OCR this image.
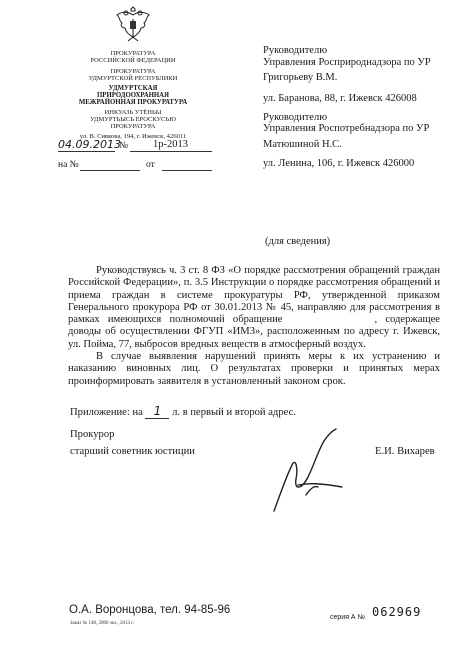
ПРОКУРАТУРА
РОССИЙСКОЙ ФЕДЕРАЦИИ
ПРОКУРАТУРА
УДМУРТСКОЙ РЕСПУБЛИКИ
УДМУРТСКАЯ
ПРИРОДООХРАННАЯ
МЕЖРАЙОННАЯ ПРОКУРАТУРА
ИНКУАЗЬ УТЁНЬЫ
УДМУРТЬЫСЬ ЕРОСКУСЬЮ
ПРОКУРАТУРА
ул. В. Сивкова, 194, г. Ижевск, 426011
04.09.2013
№ 1р-2013
на №	от
Руководителю
Управления Росприроднадзора по УР
Григорьеву В.М.
ул. Баранова, 88, г. Ижевск 426008
Руководителю
Управления Роспотребнадзора по УР
Матюшиной Н.С.
ул. Ленина, 106, г. Ижевск 426000
(для сведения)

Руководствуясь ч. 3 ст. 8 ФЗ «О порядке рассмотрения обращений граждан Российской Федерации», п. 3.5 Инструкции о порядке рассмотрения обращений и приема граждан в системе прокуратуры РФ, утвержденной приказом Генерального прокурора РФ от 30.01.2013 № 45, направляю для рассмотрения в рамках имеющихся полномочий обращение	, содержащее доводы об осуществлении ФГУП «ИМЗ», расположенным по адресу г. Ижевск, ул. Пойма, 77, выбросов вредных веществ в атмосферный воздух.

В случае выявления нарушений принять меры к их устранению и наказанию виновных лиц. О результатах проверки и принятых мерах проинформировать заявителя в установленный законом срок.

Приложение: на 1 л. в первый и второй адрес.
Прокурор
старший советник юстиции	Е.И. Вихарев
О.А. Воронцова, тел. 94-85-96
Заказ № 148, 2000 экз., 2013 г.
серия А № 062969
